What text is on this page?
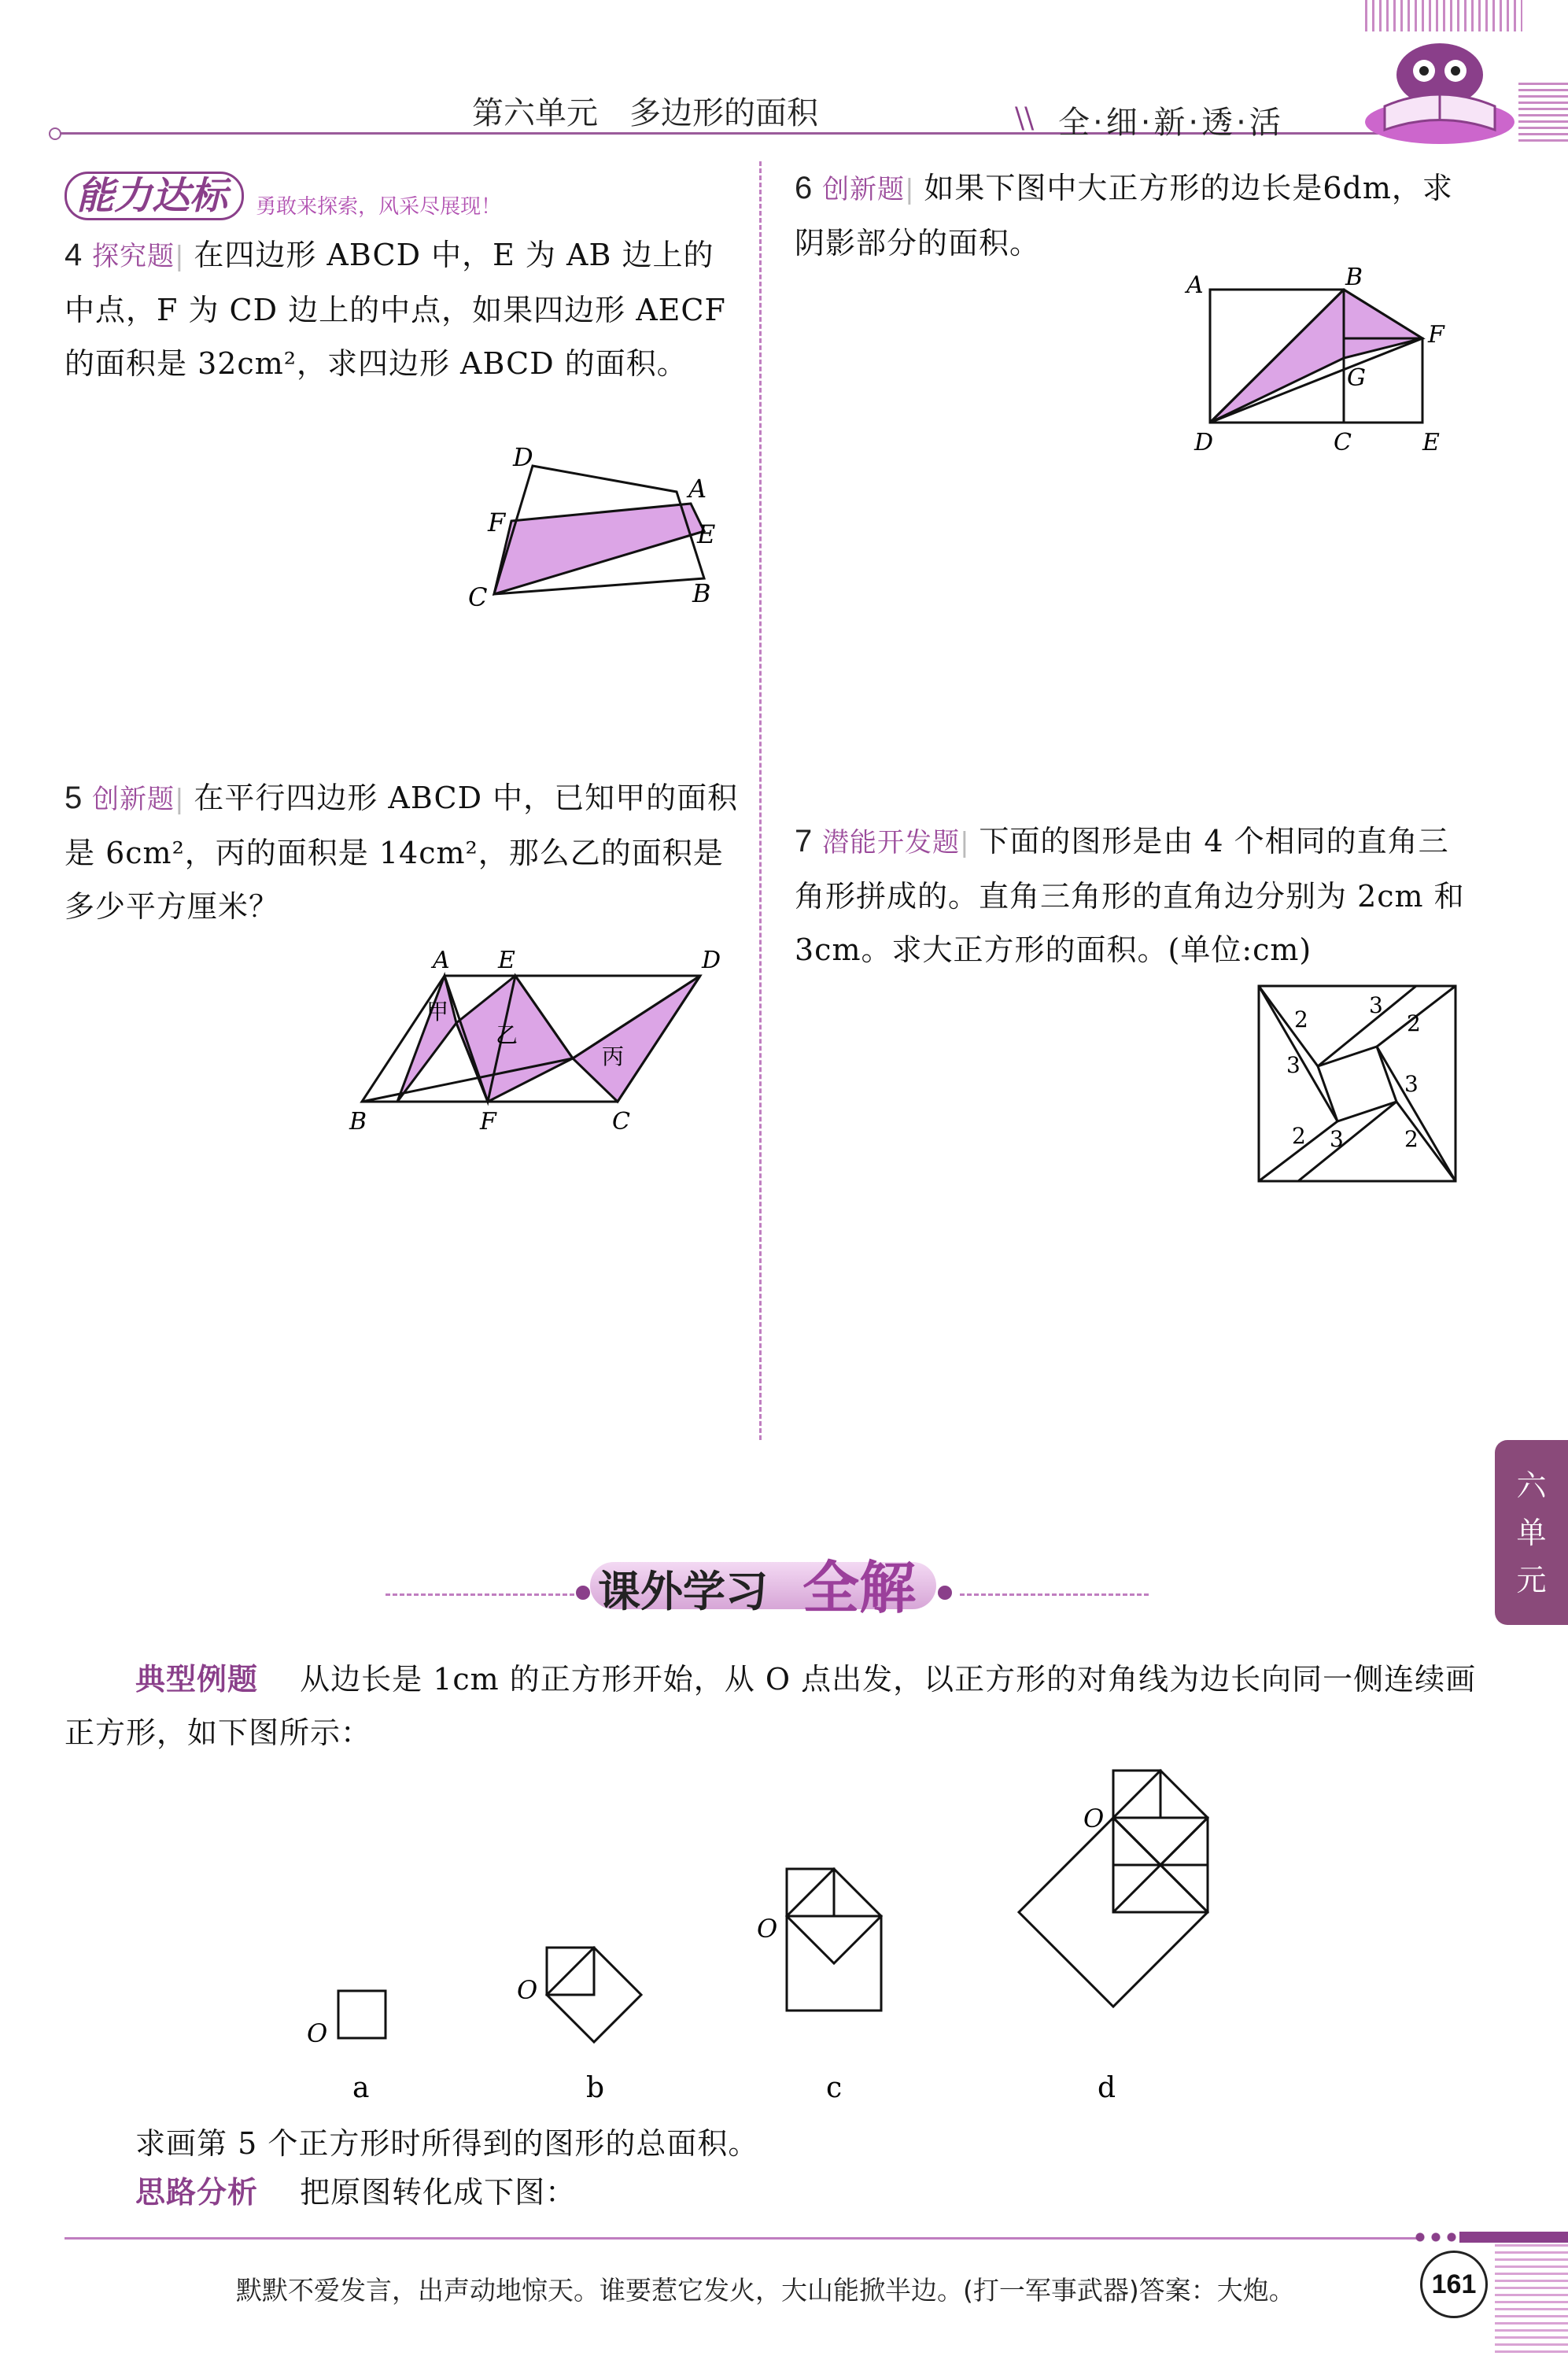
第六单元　多边形的面积	\\ 全·细·新·透·活
能力达标 勇敢来探索，风采尽展现！
4 探究题| 在四边形 ABCD 中，E 为 AB 边上的中点，F 为 CD 边上的中点，如果四边形 AECF 的面积是 32cm²，求四边形 ABCD 的面积。
D
A
E
F
C	B
5 创新题| 在平行四边形 ABCD 中，已知甲的面积是 6cm²，丙的面积是 14cm²，那么乙的面积是多少平方厘米？
A E	D
B	F	C
甲
乙
丙
6 创新题| 如果下图中大正方形的边长是6dm，求阴影部分的面积。
A	B
F
G
D	C	E
7 潜能开发题| 下面的图形是由 4 个相同的直角三角形拼成的。直角三角形的直角边分别为 2cm 和 3cm。求大正方形的面积。(单位:cm)
2
3
2
3
3
2 3	2
六
单
元
课外学习 全解
典型例题 从边长是 1cm 的正方形开始，从 O 点出发，以正方形的对角线为边长向同一侧连续画正方形，如下图所示：
O
O
O
O
a	b	c	d
求画第 5 个正方形时所得到的图形的总面积。
思路分析 把原图转化成下图：
默默不爱发言，出声动地惊天。谁要惹它发火，大山能掀半边。(打一军事武器)答案：大炮。	161
